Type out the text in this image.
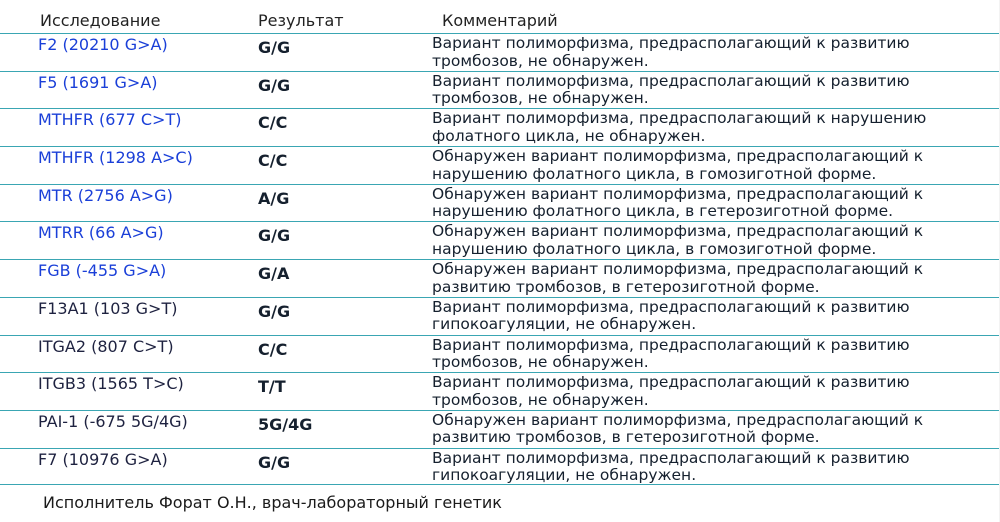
Исследование	Результат	Комментарий
F2 (20210 G>A)	G/G	Вариант полиморфизма, предрасполагающий к развитию тромбозов, не обнаружен.
F5 (1691 G>A)	G/G	Вариант полиморфизма, предрасполагающий к развитию тромбозов, не обнаружен.
MTHFR (677 C>T)	C/C	Вариант полиморфизма, предрасполагающий к нарушению фолатного цикла, не обнаружен.
MTHFR (1298 A>C)	C/C	Обнаружен вариант полиморфизма, предрасполагающий к нарушению фолатного цикла, в гомозиготной форме.
MTR (2756 A>G)	A/G	Обнаружен вариант полиморфизма, предрасполагающий к нарушению фолатного цикла, в гетерозиготной форме.
MTRR (66 A>G)	G/G	Обнаружен вариант полиморфизма, предрасполагающий к нарушению фолатного цикла, в гомозиготной форме.
FGB (-455 G>A)	G/A	Обнаружен вариант полиморфизма, предрасполагающий к развитию тромбозов, в гетерозиготной форме.
F13A1 (103 G>T)	G/G	Вариант полиморфизма, предрасполагающий к развитию гипокоагуляции, не обнаружен.
ITGA2 (807 C>T)	C/C	Вариант полиморфизма, предрасполагающий к развитию тромбозов, не обнаружен.
ITGB3 (1565 T>C)	T/T	Вариант полиморфизма, предрасполагающий к развитию тромбозов, не обнаружен.
PAI-1 (-675 5G/4G)	5G/4G	Обнаружен вариант полиморфизма, предрасполагающий к развитию тромбозов, в гетерозиготной форме.
F7 (10976 G>A)	G/G	Вариант полиморфизма, предрасполагающий к развитию гипокоагуляции, не обнаружен.
Исполнитель Форат О.Н., врач-лабораторный генетик
